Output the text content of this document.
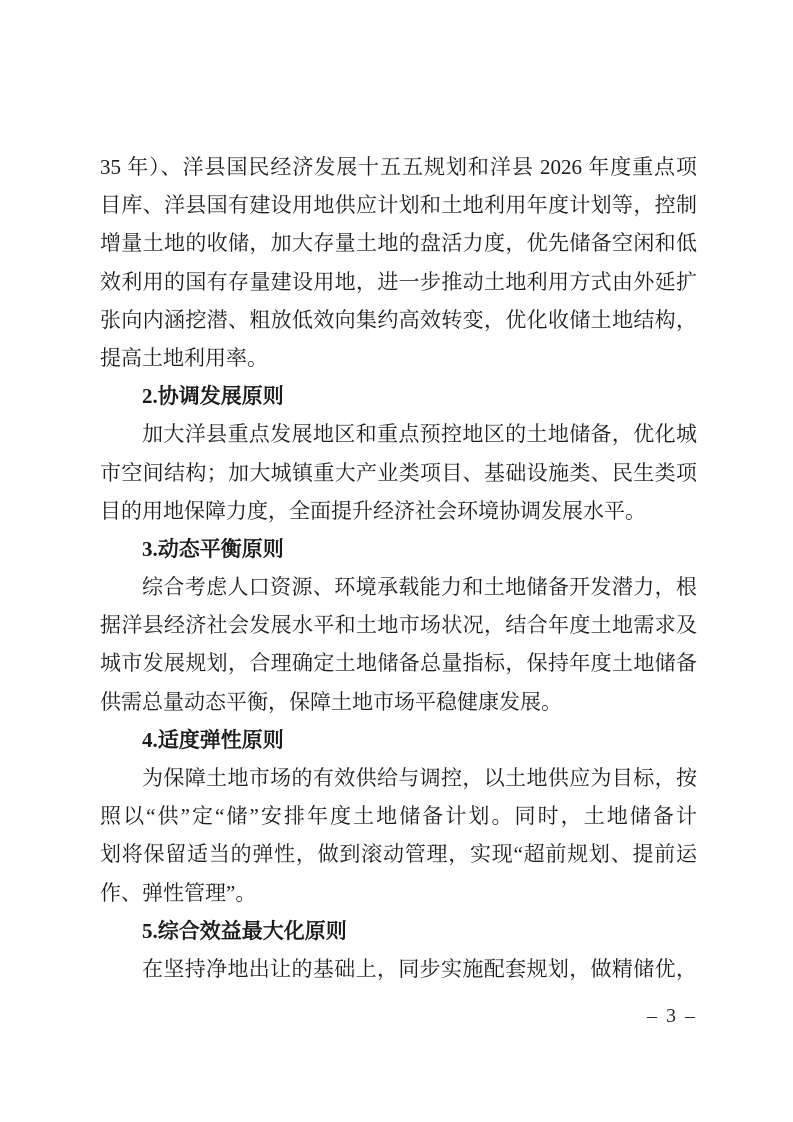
35 年）、洋县国民经济发展十五五规划和洋县 2026 年度重点项
目库、洋县国有建设用地供应计划和土地利用年度计划等，控制
增量土地的收储，加大存量土地的盘活力度，优先储备空闲和低
效利用的国有存量建设用地，进一步推动土地利用方式由外延扩
张向内涵挖潜、粗放低效向集约高效转变，优化收储土地结构，
提高土地利用率。
2.协调发展原则
加大洋县重点发展地区和重点预控地区的土地储备，优化城
市空间结构；加大城镇重大产业类项目、基础设施类、民生类项
目的用地保障力度，全面提升经济社会环境协调发展水平。
3.动态平衡原则
综合考虑人口资源、环境承载能力和土地储备开发潜力，根
据洋县经济社会发展水平和土地市场状况，结合年度土地需求及
城市发展规划，合理确定土地储备总量指标，保持年度土地储备
供需总量动态平衡，保障土地市场平稳健康发展。
4.适度弹性原则
为保障土地市场的有效供给与调控，以土地供应为目标，按
照以“供”定“储”安排年度土地储备计划。同时，土地储备计
划将保留适当的弹性，做到滚动管理，实现“超前规划、提前运
作、弹性管理”。
5.综合效益最大化原则
在坚持净地出让的基础上，同步实施配套规划，做精储优，
– 3 –
